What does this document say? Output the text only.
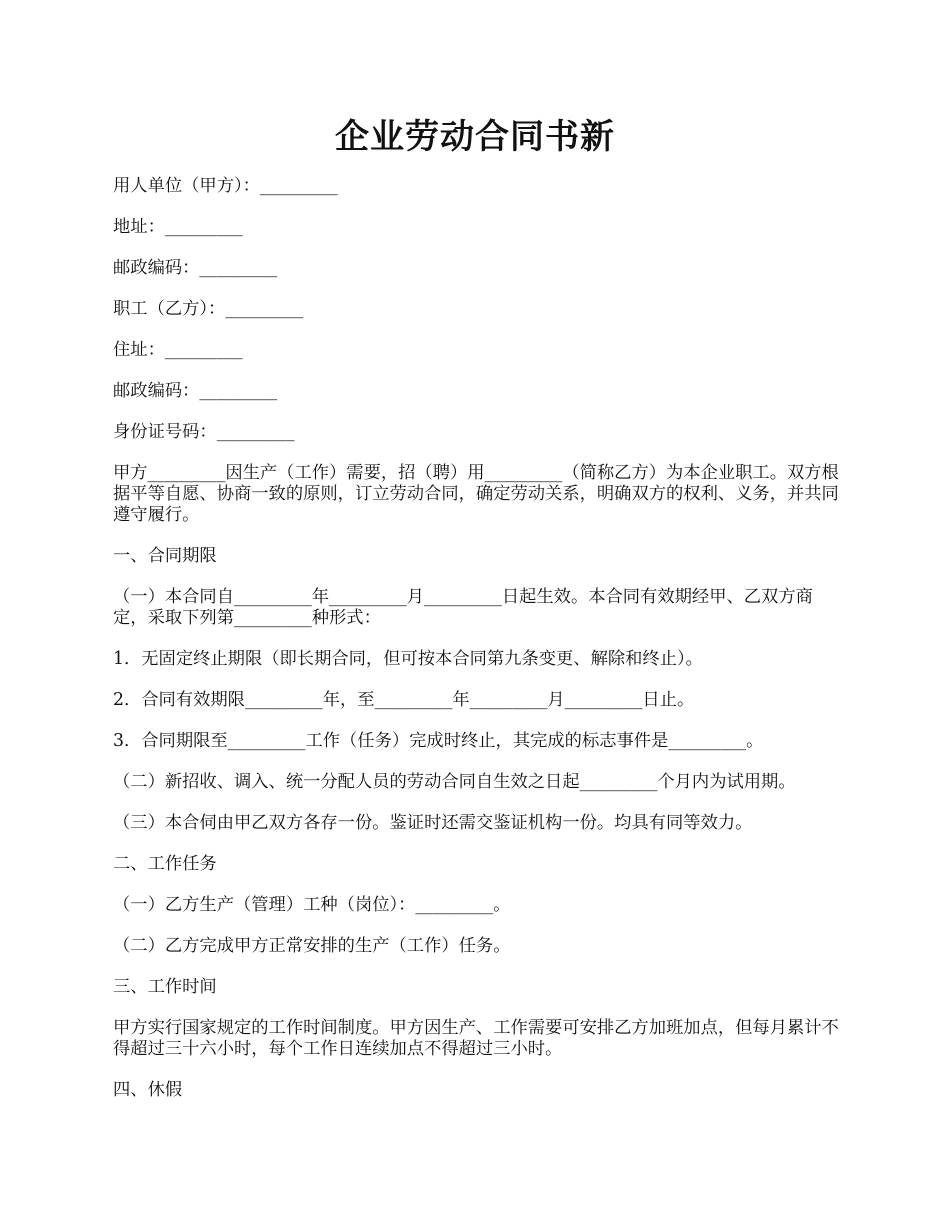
企业劳动合同书新

用人单位（甲方）：_________

地址：_________

邮政编码：_________

职工（乙方）：_________

住址：_________

邮政编码：_________

身份证号码：_________

甲方_________因生产（工作）需要，招（聘）用_________（简称乙方）为本企业职工。双方根据平等自愿、协商一致的原则，订立劳动合同，确定劳动关系，明确双方的权利、义务，并共同遵守履行。

一、合同期限

（一）本合同自_________年_________月_________日起生效。本合同有效期经甲、乙双方商定，采取下列第_________种形式：

1．无固定终止期限（即长期合同，但可按本合同第九条变更、解除和终止）。

2．合同有效期限_________年，至_________年_________月_________日止。

3．合同期限至_________工作（任务）完成时终止，其完成的标志事件是_________。

（二）新招收、调入、统一分配人员的劳动合同自生效之日起_________个月内为试用期。

（三）本合伺由甲乙双方各存一份。鉴证时还需交鉴证机构一份。均具有同等效力。

二、工作任务

（一）乙方生产（管理）工种（岗位）：_________。

（二）乙方完成甲方正常安排的生产（工作）任务。

三、工作时间

甲方实行国家规定的工作时间制度。甲方因生产、工作需要可安排乙方加班加点，但每月累计不得超过三十六小时，每个工作日连续加点不得超过三小时。

四、休假
